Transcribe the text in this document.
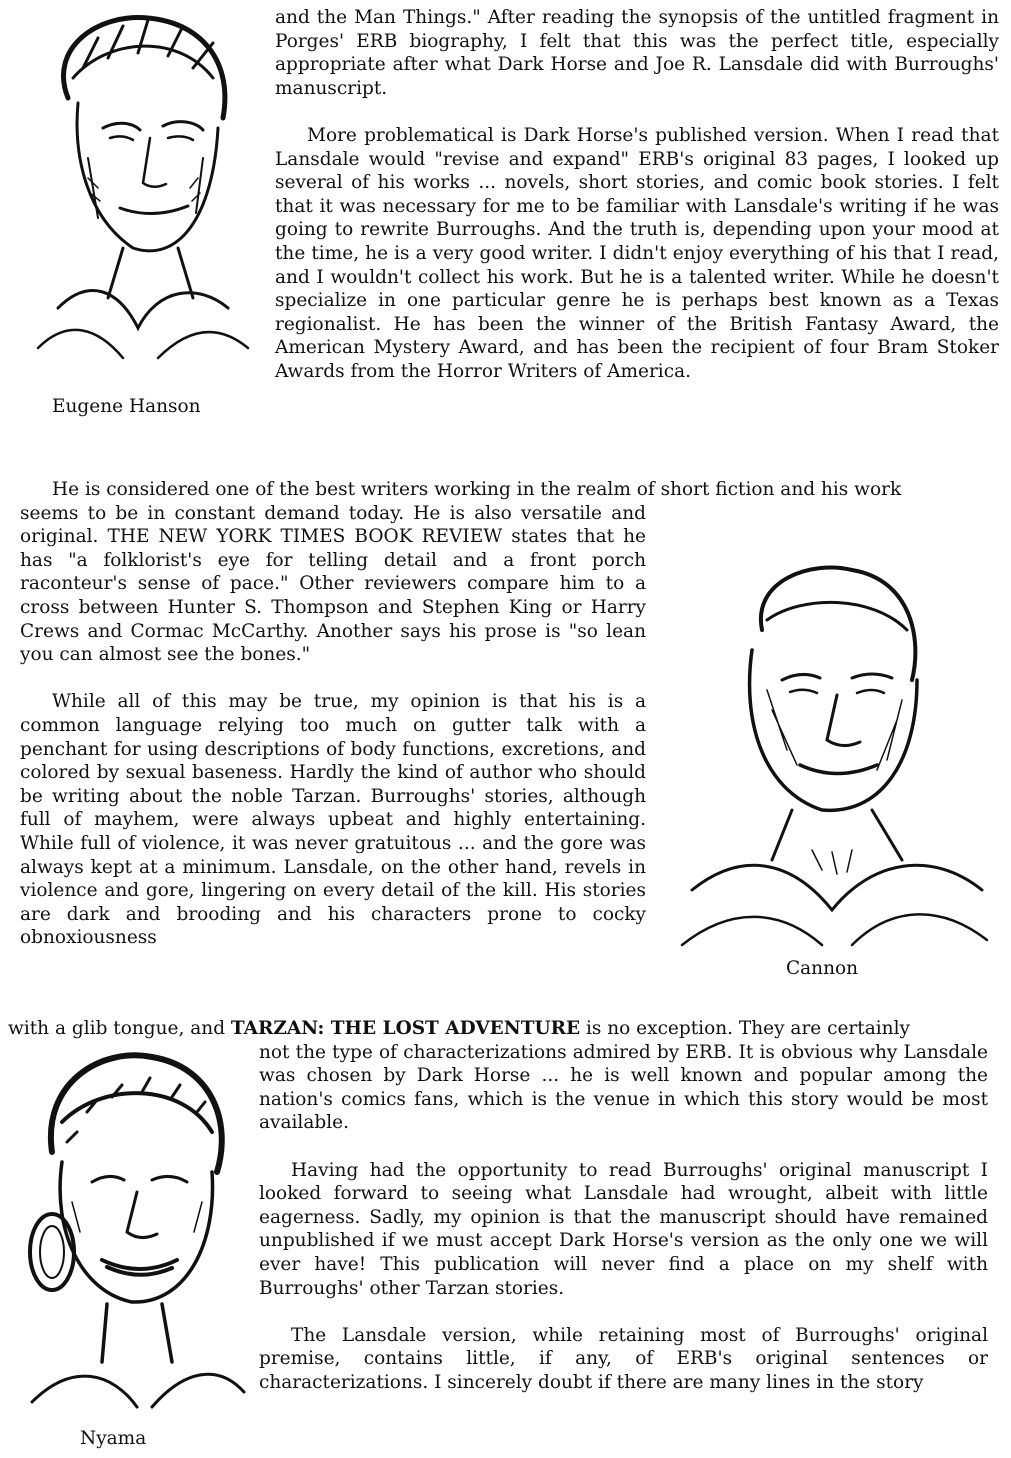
Eugene Hanson

and the Man Things." After reading the synopsis of the untitled fragment in Porges' ERB biography, I felt that this was the perfect title, especially appropriate after what Dark Horse and Joe R. Lansdale did with Burroughs' manuscript.

More problematical is Dark Horse's published version. When I read that Lansdale would "revise and expand" ERB's original 83 pages, I looked up several of his works ... novels, short stories, and comic book stories. I felt that it was necessary for me to be familiar with Lansdale's writing if he was going to rewrite Burroughs. And the truth is, depending upon your mood at the time, he is a very good writer. I didn't enjoy everything of his that I read, and I wouldn't collect his work. But he is a talented writer. While he doesn't specialize in one particular genre he is perhaps best known as a Texas regionalist. He has been the winner of the British Fantasy Award, the American Mystery Award, and has been the recipient of four Bram Stoker Awards from the Horror Writers of America.

He is considered one of the best writers working in the realm of short fiction and his work

seems to be in constant demand today. He is also versatile and original. THE NEW YORK TIMES BOOK REVIEW states that he has "a folklorist's eye for telling detail and a front porch raconteur's sense of pace." Other reviewers compare him to a cross between Hunter S. Thompson and Stephen King or Harry Crews and Cormac McCarthy. Another says his prose is "so lean you can almost see the bones."

While all of this may be true, my opinion is that his is a common language relying too much on gutter talk with a penchant for using descriptions of body functions, excretions, and colored by sexual baseness. Hardly the kind of author who should be writing about the noble Tarzan. Burroughs' stories, although full of mayhem, were always upbeat and highly entertaining. While full of violence, it was never gratuitous ... and the gore was always kept at a minimum. Lansdale, on the other hand, revels in violence and gore, lingering on every detail of the kill. His stories are dark and brooding and his characters prone to cocky obnoxiousness

Cannon

with a glib tongue, and TARZAN: THE LOST ADVENTURE is no exception. They are certainly

not the type of characterizations admired by ERB. It is obvious why Lansdale was chosen by Dark Horse ... he is well known and popular among the nation's comics fans, which is the venue in which this story would be most available.

Having had the opportunity to read Burroughs' original manuscript I looked forward to seeing what Lansdale had wrought, albeit with little eagerness. Sadly, my opinion is that the manuscript should have remained unpublished if we must accept Dark Horse's version as the only one we will ever have! This publication will never find a place on my shelf with Burroughs' other Tarzan stories.

The Lansdale version, while retaining most of Burroughs' original premise, contains little, if any, of ERB's original sentences or characterizations. I sincerely doubt if there are many lines in the story

Nyama
